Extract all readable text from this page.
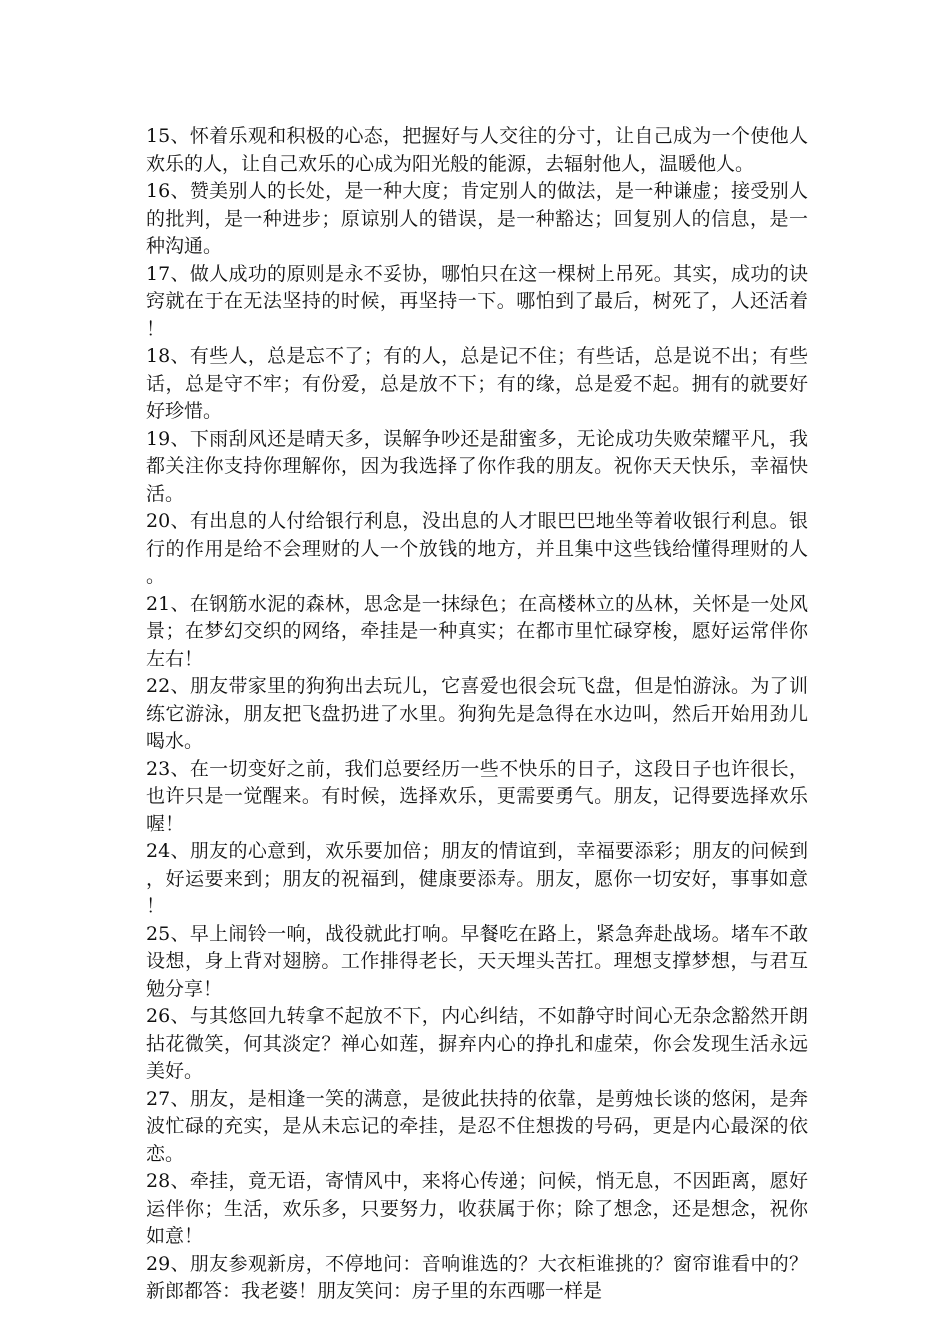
15、怀着乐观和积极的心态，把握好与人交往的分寸，让自己成为一个使他人欢乐的人，让自己欢乐的心成为阳光般的能源，去辐射他人，温暖他人。

16、赞美别人的长处，是一种大度；肯定别人的做法，是一种谦虚；接受别人的批判，是一种进步；原谅别人的错误，是一种豁达；回复别人的信息，是一种沟通。

17、做人成功的原则是永不妥协，哪怕只在这一棵树上吊死。其实，成功的诀窍就在于在无法坚持的时候，再坚持一下。哪怕到了最后，树死了，人还活着！

18、有些人，总是忘不了；有的人，总是记不住；有些话，总是说不出；有些话，总是守不牢；有份爱，总是放不下；有的缘，总是爱不起。拥有的就要好好珍惜。

19、下雨刮风还是晴天多，误解争吵还是甜蜜多，无论成功失败荣耀平凡，我都关注你支持你理解你，因为我选择了你作我的朋友。祝你天天快乐，幸福快活。

20、有出息的人付给银行利息，没出息的人才眼巴巴地坐等着收银行利息。银行的作用是给不会理财的人一个放钱的地方，并且集中这些钱给懂得理财的人。

21、在钢筋水泥的森林，思念是一抹绿色；在高楼林立的丛林，关怀是一处风景；在梦幻交织的网络，牵挂是一种真实；在都市里忙碌穿梭，愿好运常伴你左右！

22、朋友带家里的狗狗出去玩儿，它喜爱也很会玩飞盘，但是怕游泳。为了训练它游泳，朋友把飞盘扔进了水里。狗狗先是急得在水边叫，然后开始用劲儿喝水。

23、在一切变好之前，我们总要经历一些不快乐的日子，这段日子也许很长，也许只是一觉醒来。有时候，选择欢乐，更需要勇气。朋友，记得要选择欢乐喔！

24、朋友的心意到，欢乐要加倍；朋友的情谊到，幸福要添彩；朋友的问候到，好运要来到；朋友的祝福到，健康要添寿。朋友，愿你一切安好，事事如意！

25、早上闹铃一响，战役就此打响。早餐吃在路上，紧急奔赴战场。堵车不敢设想，身上背对翅膀。工作排得老长，天天埋头苦扛。理想支撑梦想，与君互勉分享！

26、与其悠回九转拿不起放不下，内心纠结，不如静守时间心无杂念豁然开朗拈花微笑，何其淡定？禅心如莲，摒弃内心的挣扎和虚荣，你会发现生活永远美好。

27、朋友，是相逢一笑的满意，是彼此扶持的依靠，是剪烛长谈的悠闲，是奔波忙碌的充实，是从未忘记的牵挂，是忍不住想拨的号码，更是内心最深的依恋。

28、牵挂，竟无语，寄情风中，来将心传递；问候，悄无息，不因距离，愿好运伴你；生活，欢乐多，只要努力，收获属于你；除了想念，还是想念，祝你如意！

29、朋友参观新房，不停地问：音响谁选的？大衣柜谁挑的？窗帘谁看中的？新郎都答：我老婆！朋友笑问：房子里的东西哪一样是
